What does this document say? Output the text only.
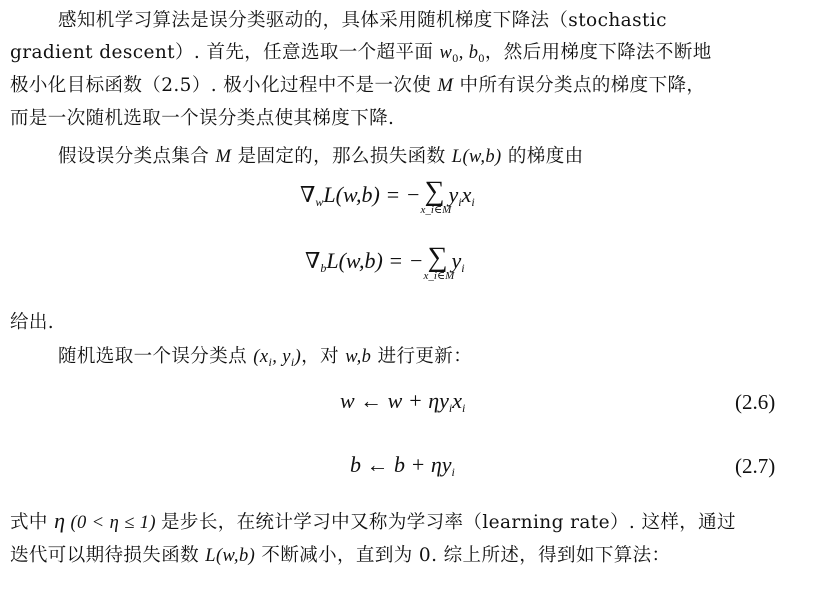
感知机学习算法是误分类驱动的，具体采用随机梯度下降法（stochastic
gradient descent）. 首先，任意选取一个超平面 $w_0$, $b_0$，然后用梯度下降法不断地
极小化目标函数（2.5）. 极小化过程中不是一次使 M 中所有误分类点的梯度下降，
而是一次随机选取一个误分类点使其梯度下降.
假设误分类点集合 M 是固定的，那么损失函数 L(w,b) 的梯度由
$\nabla_wL(w,b)$ = − ∑
x_i∈M
$y_ix_i$
$\nabla_bL(w,b)$ = − ∑
x_i∈M
$y_i$
给出.
随机选取一个误分类点 ($x_i$, $y_i$)，对 w,b 进行更新：
w ← $w + \eta y_ix_i$	(2.6)
b ← $b + \eta y_i$	(2.7)
式中 η (0 < η ≤ 1) 是步长，在统计学习中又称为学习率（learning rate）. 这样，通过
迭代可以期待损失函数 L(w,b) 不断减小，直到为 0. 综上所述，得到如下算法：
